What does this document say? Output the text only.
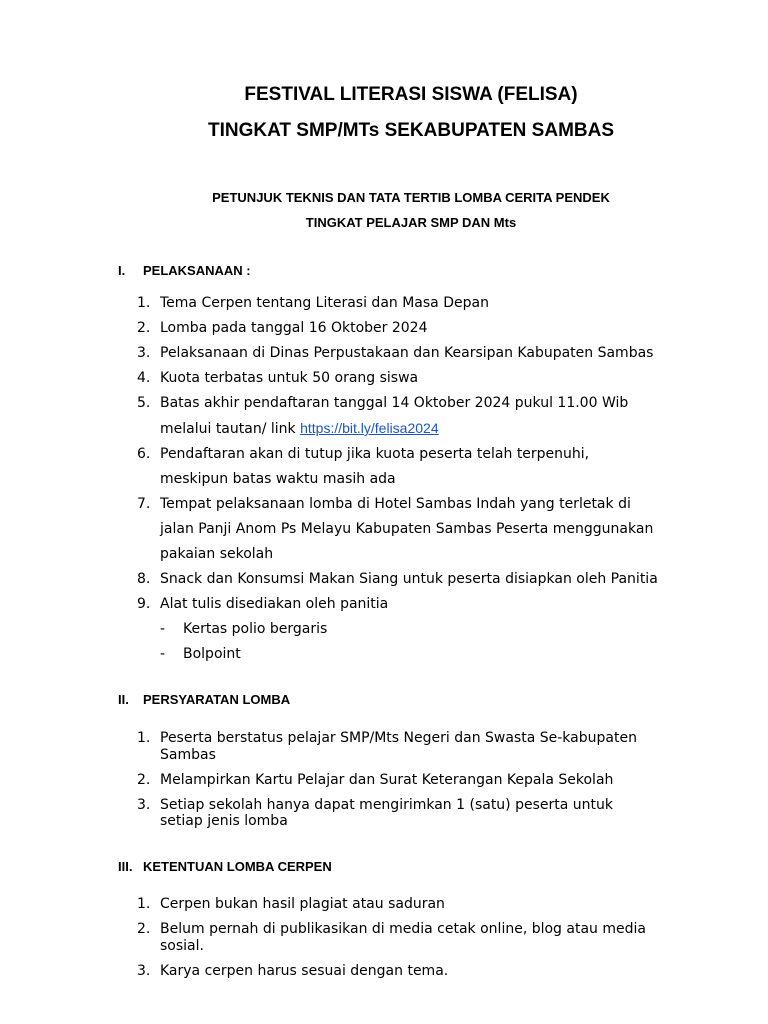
FESTIVAL LITERASI SISWA (FELISA)
TINGKAT SMP/MTs SEKABUPATEN SAMBAS
PETUNJUK TEKNIS DAN TATA TERTIB LOMBA CERITA PENDEK
TINGKAT PELAJAR SMP DAN Mts

I. PELAKSANAAN :

1. Tema Cerpen tentang Literasi dan Masa Depan
2. Lomba pada tanggal 16 Oktober 2024
3. Pelaksanaan di Dinas Perpustakaan dan Kearsipan Kabupaten Sambas
4. Kuota terbatas untuk 50 orang siswa
5. Batas akhir pendaftaran tanggal 14 Oktober 2024 pukul 11.00 Wib melalui tautan/ link https://bit.ly/felisa2024
6. Pendaftaran akan di tutup jika kuota peserta telah terpenuhi, meskipun batas waktu masih ada
7. Tempat pelaksanaan lomba di Hotel Sambas Indah yang terletak di jalan Panji Anom Ps Melayu Kabupaten Sambas Peserta menggunakan pakaian sekolah
8. Snack dan Konsumsi Makan Siang untuk peserta disiapkan oleh Panitia
9. Alat tulis disediakan oleh panitia
- Kertas polio bergaris
- Bolpoint

II. PERSYARATAN LOMBA

1. Peserta berstatus pelajar SMP/Mts Negeri dan Swasta Se-kabupaten Sambas
2. Melampirkan Kartu Pelajar dan Surat Keterangan Kepala Sekolah
3. Setiap sekolah hanya dapat mengirimkan 1 (satu) peserta untuk setiap jenis lomba

III. KETENTUAN LOMBA CERPEN

1. Cerpen bukan hasil plagiat atau saduran
2. Belum pernah di publikasikan di media cetak online, blog atau media sosial.
3. Karya cerpen harus sesuai dengan tema.
